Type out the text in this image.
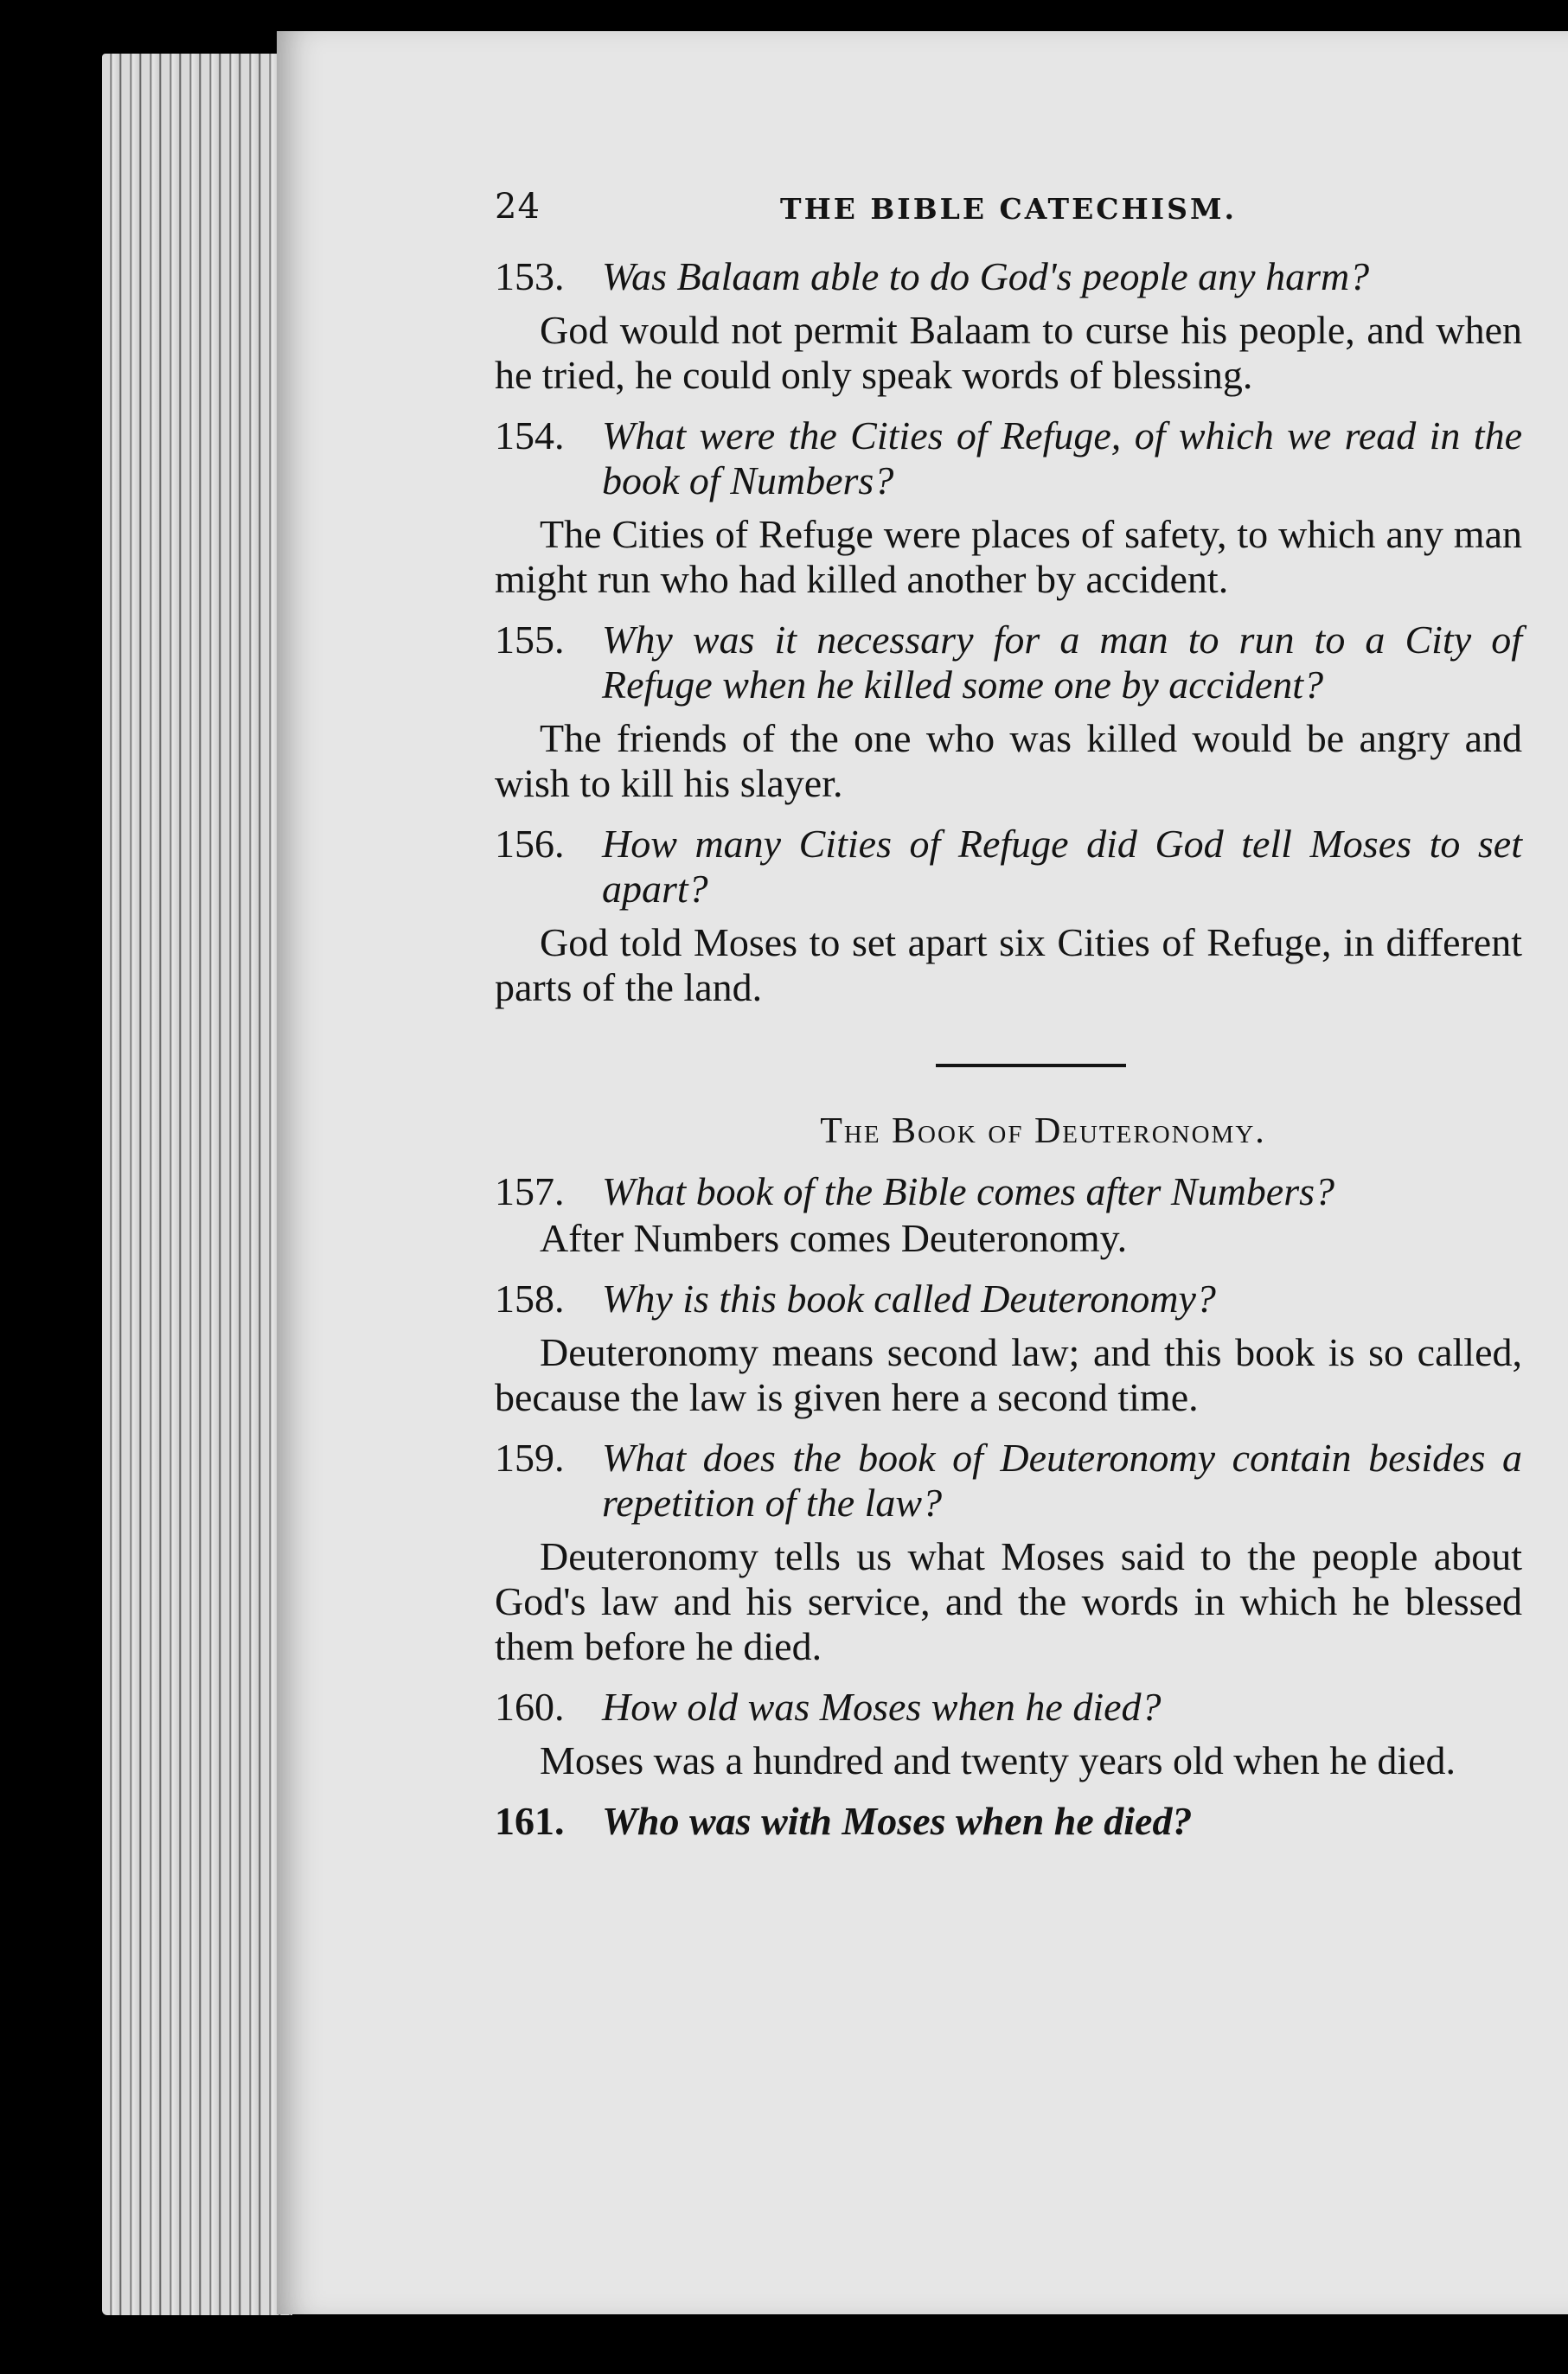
24	THE BIBLE CATECHISM.
153. Was Balaam able to do God's people any harm?
God would not permit Balaam to curse his people, and when he tried, he could only speak words of blessing.
154. What were the Cities of Refuge, of which we read in the book of Numbers?
The Cities of Refuge were places of safety, to which any man might run who had killed another by accident.
155. Why was it necessary for a man to run to a City of Refuge when he killed some one by accident?
The friends of the one who was killed would be angry and wish to kill his slayer.
156. How many Cities of Refuge did God tell Moses to set apart?
God told Moses to set apart six Cities of Refuge, in different parts of the land.
The Book of Deuteronomy.
157. What book of the Bible comes after Numbers?
After Numbers comes Deuteronomy.
158. Why is this book called Deuteronomy?
Deuteronomy means second law; and this book is so called, because the law is given here a second time.
159. What does the book of Deuteronomy contain besides a repetition of the law?
Deuteronomy tells us what Moses said to the people about God's law and his service, and the words in which he blessed them before he died.
160. How old was Moses when he died?
Moses was a hundred and twenty years old when he died.
161. Who was with Moses when he died?
